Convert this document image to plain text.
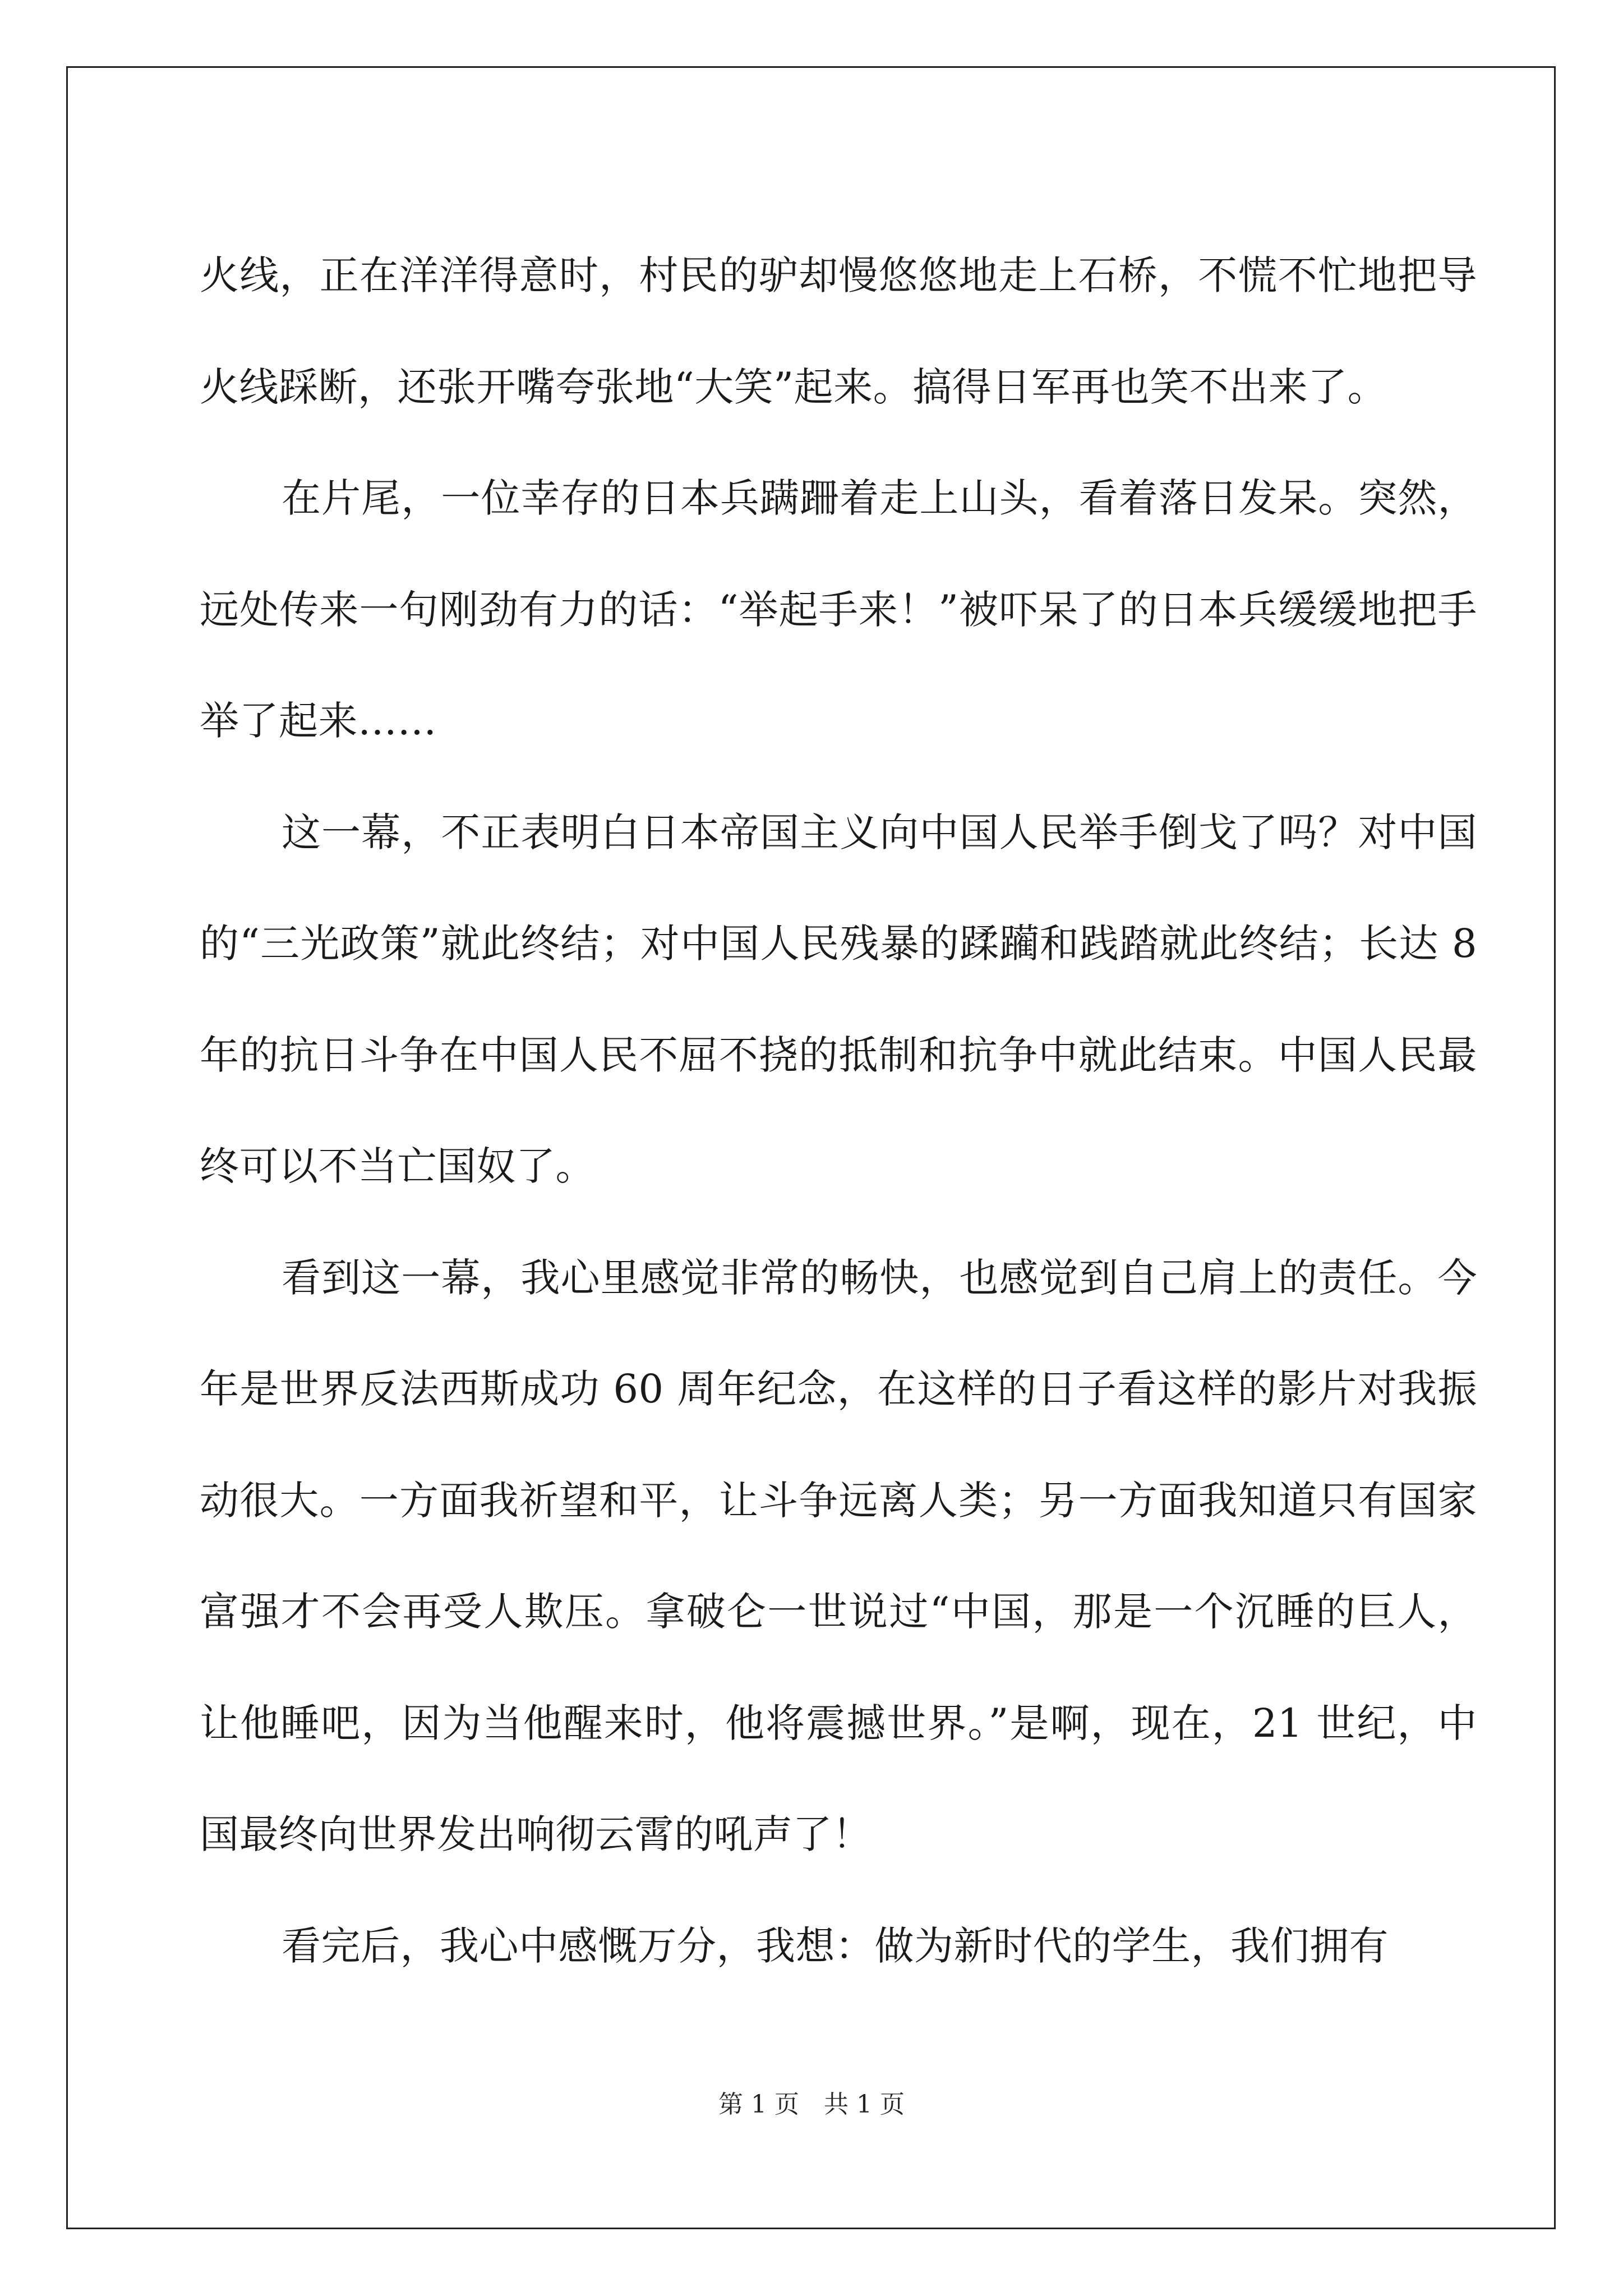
火线，正在洋洋得意时，村民的驴却慢悠悠地走上石桥，不慌不忙地把导火线踩断，还张开嘴夸张地“大笑”起来。搞得日军再也笑不出来了。

在片尾，一位幸存的日本兵蹒跚着走上山头，看着落日发呆。突然，远处传来一句刚劲有力的话：“举起手来！”被吓呆了的日本兵缓缓地把手举了起来……

这一幕，不正表明白日本帝国主义向中国人民举手倒戈了吗？对中国的“三光政策”就此终结；对中国人民残暴的蹂躏和践踏就此终结；长达 8 年的抗日斗争在中国人民不屈不挠的抵制和抗争中就此结束。中国人民最终可以不当亡国奴了。

看到这一幕，我心里感觉非常的畅快，也感觉到自己肩上的责任。今年是世界反法西斯成功 60 周年纪念，在这样的日子看这样的影片对我振动很大。一方面我祈望和平，让斗争远离人类；另一方面我知道只有国家富强才不会再受人欺压。拿破仑一世说过“中国，那是一个沉睡的巨人，让他睡吧，因为当他醒来时，他将震撼世界。”是啊，现在，21 世纪，中国最终向世界发出响彻云霄的吼声了！

看完后，我心中感慨万分，我想：做为新时代的学生，我们拥有

第 1 页　共 1 页
